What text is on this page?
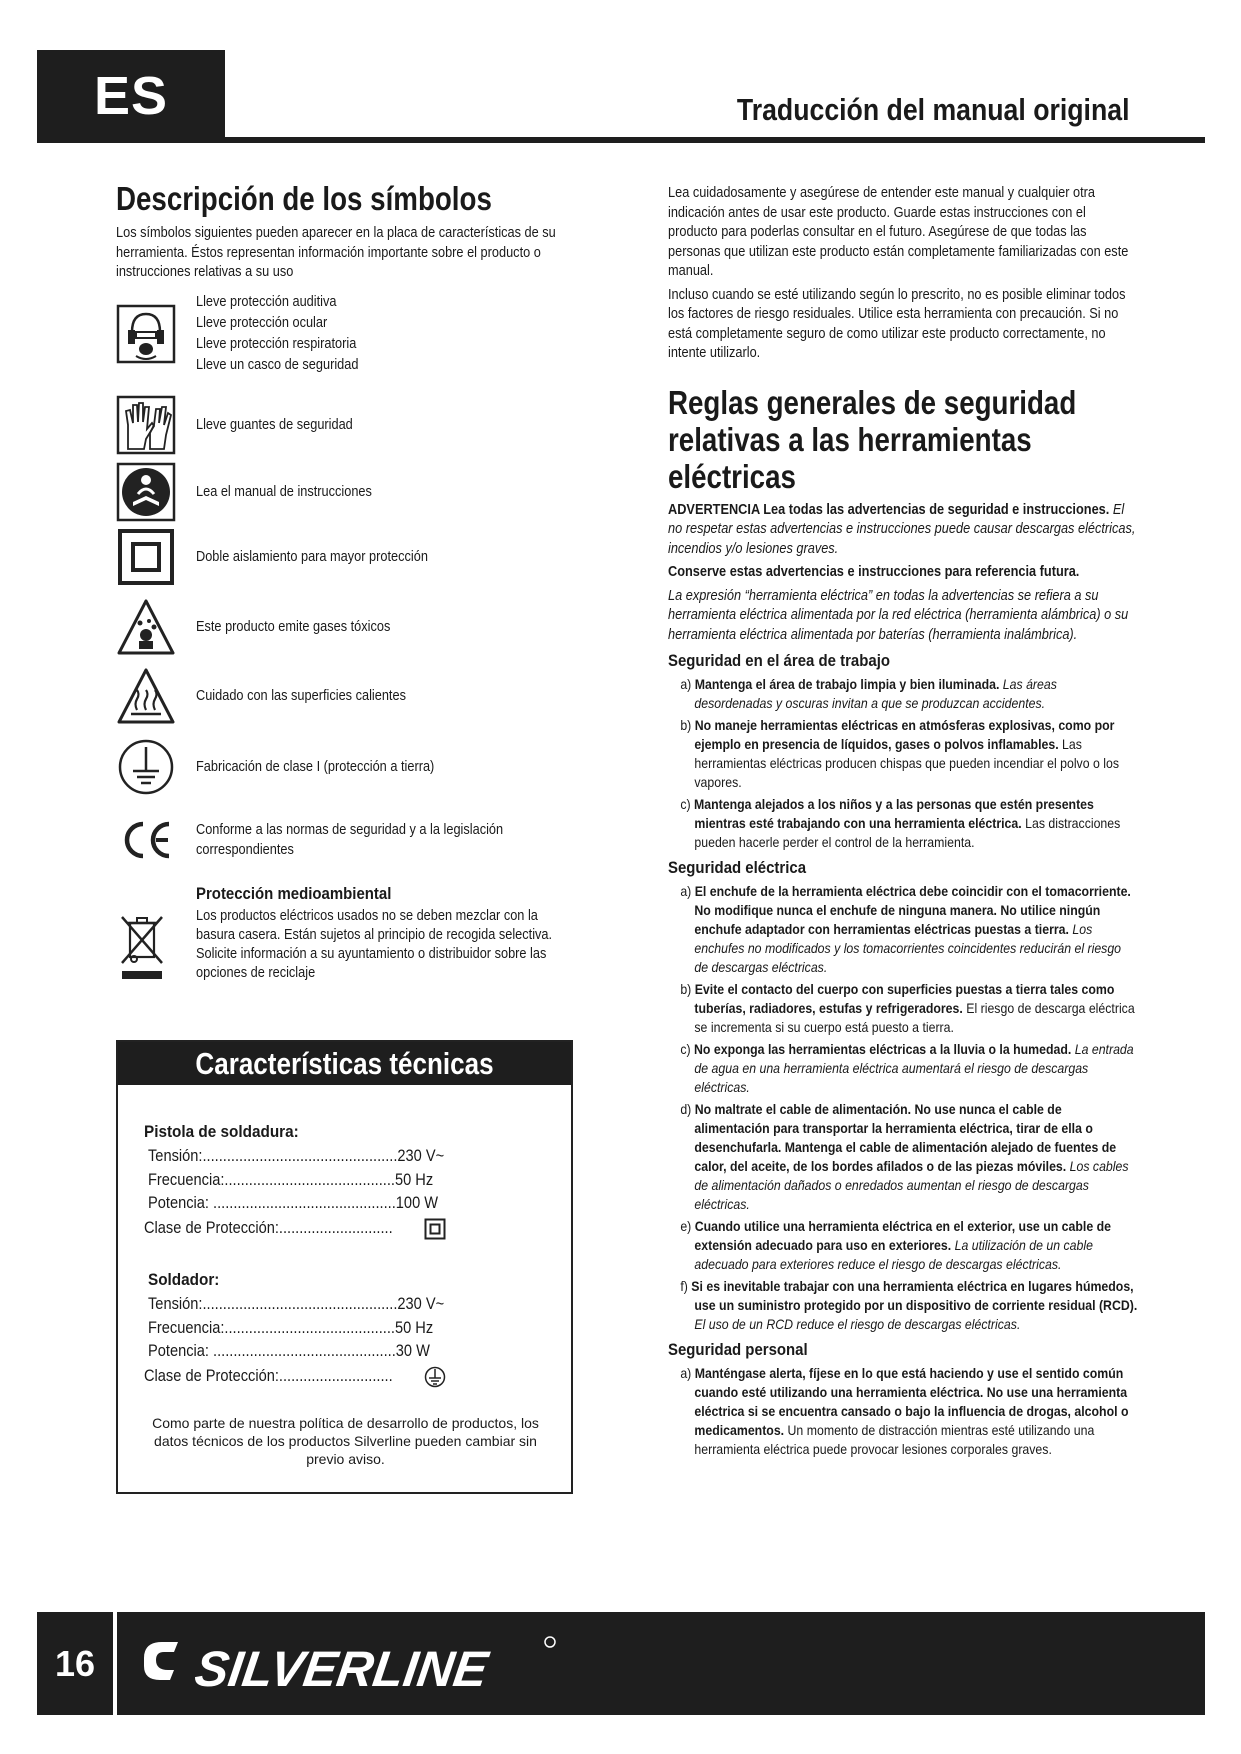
ES	Traducción del manual original
Descripción de los símbolos
Los símbolos siguientes pueden aparecer en la placa de características de su herramienta. Éstos representan información importante sobre el producto o instrucciones relativas a su uso
Lleve protección auditiva
Lleve protección ocular
Lleve protección respiratoria
Lleve un casco de seguridad
Lleve guantes de seguridad
Lea el manual de instrucciones
Doble aislamiento para mayor protección
Este producto emite gases tóxicos
Cuidado con las superficies calientes
Fabricación de clase I (protección a tierra)
Conforme a las normas de seguridad y a la legislación
correspondientes
Protección medioambiental
Los productos eléctricos usados no se deben mezclar con la
basura casera. Están sujetos al principio de recogida selectiva.
Solicite información a su ayuntamiento o distribuidor sobre las
opciones de reciclaje
Características técnicas
Pistola de soldadura:
Tensión:................................................230 V~
Frecuencia:..........................................50 Hz
Potencia: .............................................100 W
Clase de Protección:............................
Soldador:
Tensión:................................................230 V~
Frecuencia:..........................................50 Hz
Potencia: .............................................30 W
Clase de Protección:............................
Como parte de nuestra política de desarrollo de productos, los datos técnicos de los productos Silverline pueden cambiar sin previo aviso.

Lea cuidadosamente y asegúrese de entender este manual y cualquier otra indicación antes de usar este producto. Guarde estas instrucciones con el producto para poderlas consultar en el futuro. Asegúrese de que todas las personas que utilizan este producto están completamente familiarizadas con este manual.

Incluso cuando se esté utilizando según lo prescrito, no es posible eliminar todos los factores de riesgo residuales. Utilice esta herramienta con precaución. Si no está completamente seguro de como utilizar este producto correctamente, no intente utilizarlo.

Reglas generales de seguridad
relativas a las herramientas
eléctricas

ADVERTENCIA Lea todas las advertencias de seguridad e instrucciones. El no respetar estas advertencias e instrucciones puede causar descargas eléctricas, incendios y/o lesiones graves.

Conserve estas advertencias e instrucciones para referencia futura.

La expresión “herramienta eléctrica” en todas la advertencias se refiera a su herramienta eléctrica alimentada por la red eléctrica (herramienta alámbrica) o su herramienta eléctrica alimentada por baterías (herramienta inalámbrica).

Seguridad en el área de trabajo

a) Mantenga el área de trabajo limpia y bien iluminada. Las áreas desordenadas y oscuras invitan a que se produzcan accidentes.

b) No maneje herramientas eléctricas en atmósferas explosivas, como por ejemplo en presencia de líquidos, gases o polvos inflamables. Las herramientas eléctricas producen chispas que pueden incendiar el polvo o los vapores.

c) Mantenga alejados a los niños y a las personas que estén presentes mientras esté trabajando con una herramienta eléctrica. Las distracciones pueden hacerle perder el control de la herramienta.

Seguridad eléctrica

a) El enchufe de la herramienta eléctrica debe coincidir con el tomacorriente. No modifique nunca el enchufe de ninguna manera. No utilice ningún enchufe adaptador con herramientas eléctricas puestas a tierra. Los enchufes no modificados y los tomacorrientes coincidentes reducirán el riesgo de descargas eléctricas.

b) Evite el contacto del cuerpo con superficies puestas a tierra tales como tuberías, radiadores, estufas y refrigeradores. El riesgo de descarga eléctrica se incrementa si su cuerpo está puesto a tierra.

c) No exponga las herramientas eléctricas a la lluvia o la humedad. La entrada de agua en una herramienta eléctrica aumentará el riesgo de descargas eléctricas.

d) No maltrate el cable de alimentación. No use nunca el cable de alimentación para transportar la herramienta eléctrica, tirar de ella o desenchufarla. Mantenga el cable de alimentación alejado de fuentes de calor, del aceite, de los bordes afilados o de las piezas móviles. Los cables de alimentación dañados o enredados aumentan el riesgo de descargas eléctricas.

e) Cuando utilice una herramienta eléctrica en el exterior, use un cable de extensión adecuado para uso en exteriores. La utilización de un cable adecuado para exteriores reduce el riesgo de descargas eléctricas.

f) Si es inevitable trabajar con una herramienta eléctrica en lugares húmedos, use un suministro protegido por un dispositivo de corriente residual (RCD). El uso de un RCD reduce el riesgo de descargas eléctricas.

Seguridad personal

a) Manténgase alerta, fíjese en lo que está haciendo y use el sentido común cuando esté utilizando una herramienta eléctrica. No use una herramienta eléctrica si se encuentra cansado o bajo la influencia de drogas, alcohol o medicamentos. Un momento de distracción mientras esté utilizando una herramienta eléctrica puede provocar lesiones corporales graves.

16	SILVERLINE
